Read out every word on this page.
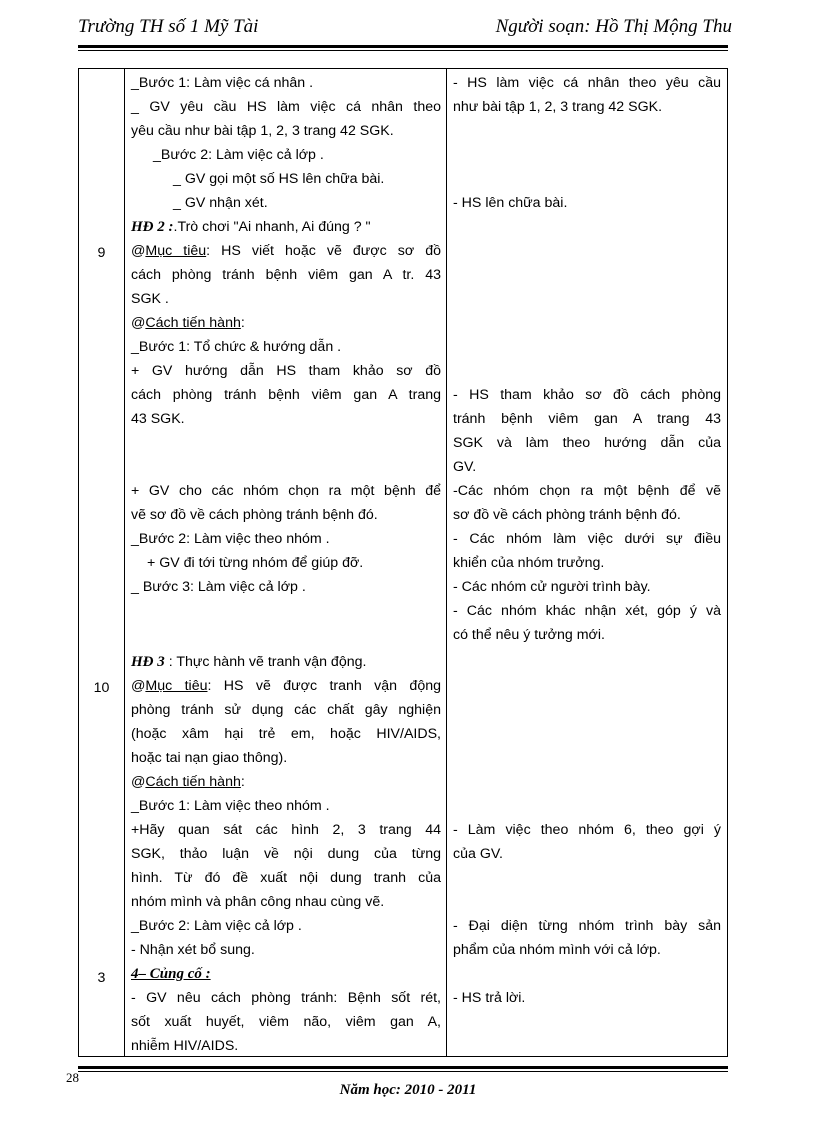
Trường TH số 1 Mỹ Tài	Người soạn: Hồ Thị Mộng Thu
9
10
3
_Bước 1: Làm việc cá nhân .
_ GV yêu cầu HS làm việc cá nhân theo
yêu cầu như bài tập 1, 2, 3 trang 42 SGK.
_Bước 2: Làm việc cả lớp .
_ GV gọi một số HS lên chữa bài.
_ GV nhận xét.
HĐ 2 :.Trò chơi "Ai nhanh, Ai đúng ? "
@Mục tiêu: HS viết hoặc vẽ được sơ đồ
cách phòng tránh bệnh viêm gan A tr. 43
SGK .
@Cách tiến hành:
_Bước 1: Tổ chức & hướng dẫn .
+ GV hướng dẫn HS tham khảo sơ đồ
cách phòng tránh bệnh viêm gan A trang
43 SGK.
+ GV cho các nhóm chọn ra một bệnh để
vẽ sơ đồ về cách phòng tránh bệnh đó.
_Bước 2: Làm việc theo nhóm .
+ GV đi tới từng nhóm để giúp đỡ.
_ Bước 3: Làm việc cả lớp .
HĐ 3 : Thực hành vẽ tranh vận động.
@Mục tiêu: HS vẽ được tranh vận động
phòng tránh sử dụng các chất gây nghiện
(hoặc xâm hại trẻ em, hoặc HIV/AIDS,
hoặc tai nạn giao thông).
@Cách tiến hành:
_Bước 1: Làm việc theo nhóm .
+Hãy quan sát các hình 2, 3 trang 44
SGK, thảo luận về nội dung của từng
hình. Từ đó đề xuất nội dung tranh của
nhóm mình và phân công nhau cùng vẽ.
_Bước 2: Làm việc cả lớp .
- Nhận xét bổ sung.
4– Củng cố :
- GV nêu cách phòng tránh: Bệnh sốt rét,
sốt xuất huyết, viêm não, viêm gan A,
nhiễm HIV/AIDS.
- HS làm việc cá nhân theo yêu cầu
như bài tập 1, 2, 3 trang 42 SGK.
- HS lên chữa bài.
- HS tham khảo sơ đồ cách phòng
tránh bệnh viêm gan A trang 43
SGK và làm theo hướng dẫn của
GV.
-Các nhóm chọn ra một bệnh để vẽ
sơ đồ về cách phòng tránh bệnh đó.
- Các nhóm làm việc dưới sự điều
khiển của nhóm trưởng.
- Các nhóm cử người trình bày.
- Các nhóm khác nhận xét, góp ý và
có thể nêu ý tưởng mới.
- Làm việc theo nhóm 6, theo gợi ý
của GV.
- Đại diện từng nhóm trình bày sản
phẩm của nhóm mình với cả lớp.
- HS trả lời.
28
Năm học: 2010 - 2011
